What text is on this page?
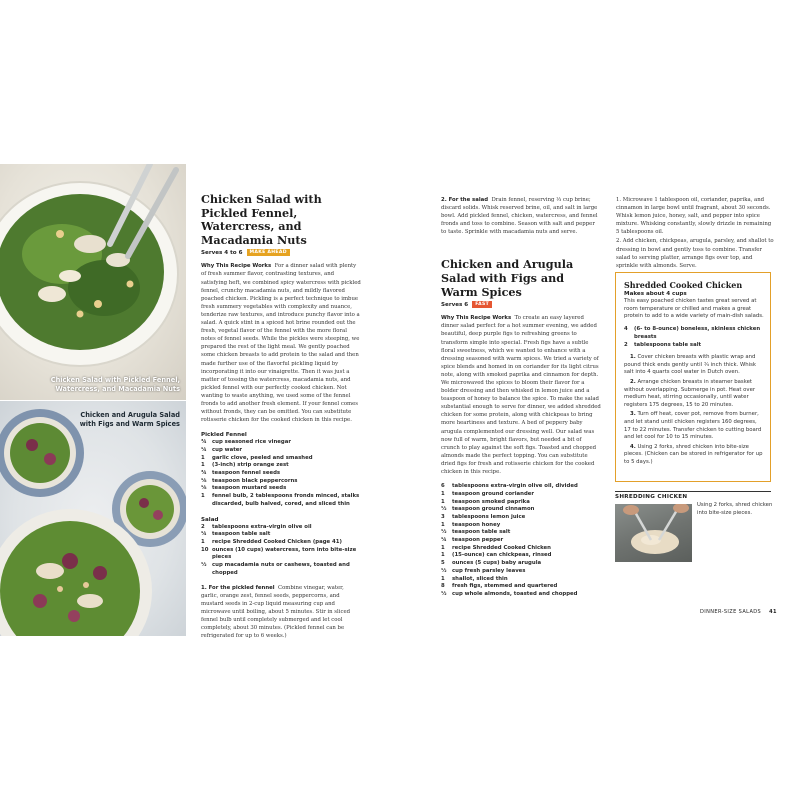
Chicken Salad with Pickled Fennel, Watercress, and Macadamia Nuts
Chicken and Arugula Salad with Figs and Warm Spices
Chicken Salad with Pickled Fennel, Watercress, and Macadamia Nuts
Serves 4 to 6 MAKE AHEAD

Why This Recipe Works For a dinner salad with plenty of fresh summer flavor, contrasting textures, and satisfying heft, we combined spicy watercress with pickled fennel, crunchy macadamia nuts, and mildly flavored poached chicken. Pickling is a perfect technique to imbue fresh summery vegetables with complexity and nuance, tenderize raw textures, and introduce punchy flavor into a salad. A quick stint in a spiced hot brine rounded out the fresh, vegetal flavor of the fennel with the more floral notes of fennel seeds. While the pickles were steeping, we prepared the rest of the light meal. We gently poached some chicken breasts to add protein to the salad and then made further use of the flavorful pickling liquid by incorporating it into our vinaigrette. Then it was just a matter of tossing the watercress, macadamia nuts, and pickled fennel with our perfectly cooked chicken. Not wanting to waste anything, we used some of the fennel fronds to add another fresh element. If your fennel comes without fronds, they can be omitted. You can substitute rotisserie chicken for the cooked chicken in this recipe.

Pickled Fennel
¾	cup seasoned rice vinegar
¼	cup water
1	garlic clove, peeled and smashed
1	(3-inch) strip orange zest
¾	teaspoon fennel seeds
⅛	teaspoon black peppercorns
⅛	teaspoon mustard seeds
1	fennel bulb, 2 tablespoons fronds minced, stalks discarded, bulb halved, cored, and sliced thin
Salad
2	tablespoons extra-virgin olive oil
¼	teaspoon table salt
1	recipe Shredded Cooked Chicken (page 41)
10 ounces (10 cups) watercress, torn into bite-size pieces
½	cup macadamia nuts or cashews, toasted and chopped

1. For the pickled fennel Combine vinegar, water, garlic, orange zest, fennel seeds, peppercorns, and mustard seeds in 2-cup liquid measuring cup and microwave until boiling, about 5 minutes. Stir in sliced fennel bulb until completely submerged and let cool completely, about 30 minutes. (Pickled fennel can be refrigerated for up to 6 weeks.)

2. For the salad Drain fennel, reserving ⅓ cup brine; discard solids. Whisk reserved brine, oil, and salt in large bowl. Add pickled fennel, chicken, watercress, and fennel fronds and toss to combine. Season with salt and pepper to taste. Sprinkle with macadamia nuts and serve.

Chicken and Arugula Salad with Figs and Warm Spices
Serves 6 FAST

Why This Recipe Works To create an easy layered dinner salad perfect for a hot summer evening, we added beautiful, deep purple figs to refreshing greens to transform simple into special. Fresh figs have a subtle floral sweetness, which we wanted to enhance with a dressing seasoned with warm spices. We tried a variety of spice blends and homed in on coriander for its light citrus note, along with smoked paprika and cinnamon for depth. We microwaved the spices to bloom their flavor for a bolder dressing and then whisked in lemon juice and a teaspoon of honey to balance the spice. To make the salad substantial enough to serve for dinner, we added shredded chicken for some protein, along with chickpeas to bring more heartiness and texture. A bed of peppery baby arugula complemented our dressing well. Our salad was now full of warm, bright flavors, but needed a bit of crunch to play against the soft figs. Toasted and chopped almonds made the perfect topping. You can substitute dried figs for fresh and rotisserie chicken for the cooked chicken in this recipe.

6	tablespoons extra-virgin olive oil, divided
1	teaspoon ground coriander
1	teaspoon smoked paprika
½	teaspoon ground cinnamon
3	tablespoons lemon juice
1	teaspoon honey
½	teaspoon table salt
¼	teaspoon pepper
1	recipe Shredded Cooked Chicken
1	(15-ounce) can chickpeas, rinsed
5	ounces (5 cups) baby arugula
½	cup fresh parsley leaves
1	shallot, sliced thin
8	fresh figs, stemmed and quartered
½	cup whole almonds, toasted and chopped

1. Microwave 1 tablespoon oil, coriander, paprika, and cinnamon in large bowl until fragrant, about 30 seconds. Whisk lemon juice, honey, salt, and pepper into spice mixture. Whisking constantly, slowly drizzle in remaining 5 tablespoons oil.

2. Add chicken, chickpeas, arugula, parsley, and shallot to dressing in bowl and gently toss to combine. Transfer salad to serving platter, arrange figs over top, and sprinkle with almonds. Serve.

Shredded Cooked Chicken
Makes about 4 cups

This easy poached chicken tastes great served at room temperature or chilled and makes a great protein to add to a wide variety of main-dish salads.

4	(6- to 8-ounce) boneless, skinless chicken breasts
2	tablespoons table salt
1. Cover chicken breasts with plastic wrap and pound thick ends gently until ¾ inch thick. Whisk salt into 4 quarts cool water in Dutch oven.
2. Arrange chicken breasts in steamer basket without overlapping. Submerge in pot. Heat over medium heat, stirring occasionally, until water registers 175 degrees, 15 to 20 minutes.
3. Turn off heat, cover pot, remove from burner, and let stand until chicken registers 160 degrees, 17 to 22 minutes. Transfer chicken to cutting board and let cool for 10 to 15 minutes.
4. Using 2 forks, shred chicken into bite-size pieces. (Chicken can be stored in refrigerator for up to 5 days.)
SHREDDING CHICKEN
Using 2 forks, shred chicken into bite-size pieces.
DINNER-SIZE SALADS 41
